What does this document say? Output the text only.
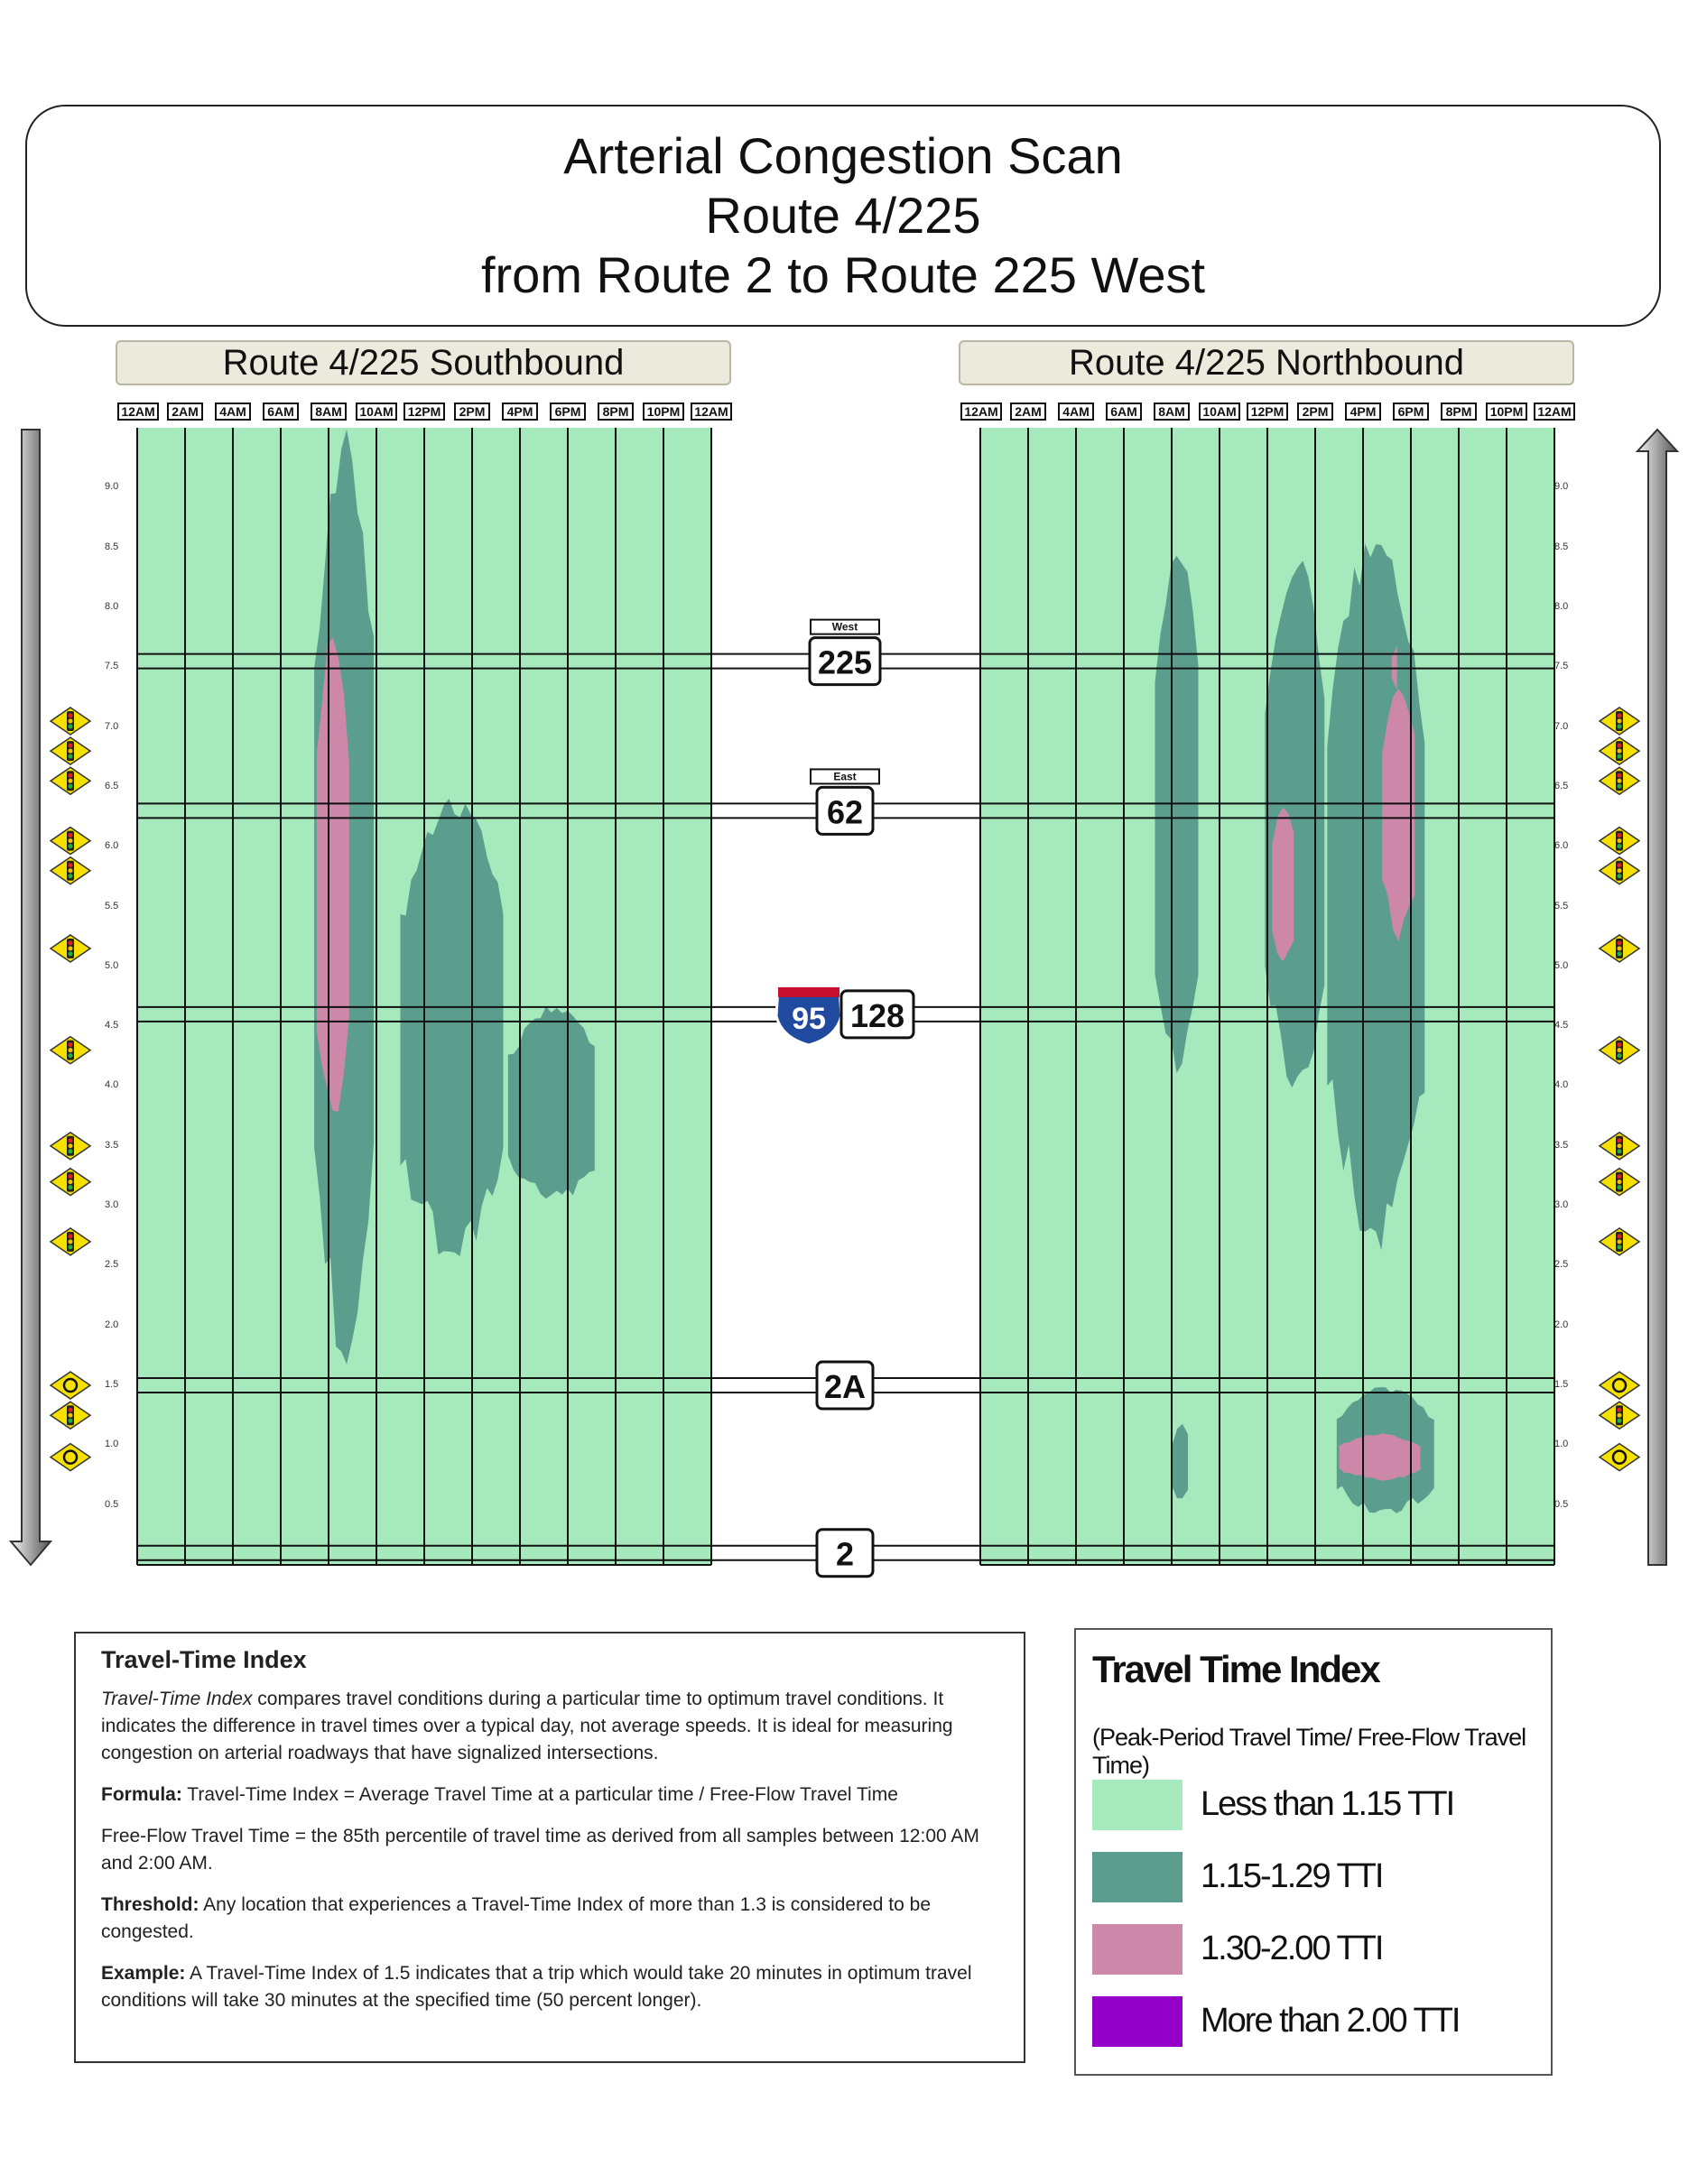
Arterial Congestion Scan
Route 4/225
from Route 2 to Route 225 West
Route 4/225 Southbound	Route 4/225 Northbound
12AM	2AM	4AM	6AM	8AM	10AM	12PM	2PM	4PM	6PM	8PM	10PM	12AM	12AM	2AM	4AM	6AM	8AM	10AM	12PM	2PM	4PM	6PM	8PM	10PM	12AM
0.5	0.5
1.0	1.0
1.5	1.5
2.0	2.0
2.5	2.5
3.0	3.0
3.5	3.5
4.0	4.0
4.5	4.5
5.0	5.0
5.5	5.5
6.0	6.0
6.5	6.5
7.0	7.0
7.5	7.5
8.0	8.0
8.5	8.5
9.0	9.0
225
West
62
East
95 128
2A
2
Travel-Time Index

Travel-Time Index compares travel conditions during a particular time to optimum travel conditions. It indicates the difference in travel times over a typical day, not average speeds. It is ideal for measuring congestion on arterial roadways that have signalized intersections.

Formula: Travel-Time Index = Average Travel Time at a particular time / Free-Flow Travel Time

Free-Flow Travel Time = the 85th percentile of travel time as derived from all samples between 12:00 AM and 2:00 AM.

Threshold: Any location that experiences a Travel-Time Index of more than 1.3 is considered to be congested.

Example: A Travel-Time Index of 1.5 indicates that a trip which would take 20 minutes in optimum travel conditions will take 30 minutes at the specified time (50 percent longer).

Travel Time Index
(Peak-Period Travel Time/ Free-Flow Travel Time)
Less than 1.15 TTI
1.15-1.29 TTI
1.30-2.00 TTI
More than 2.00 TTI
